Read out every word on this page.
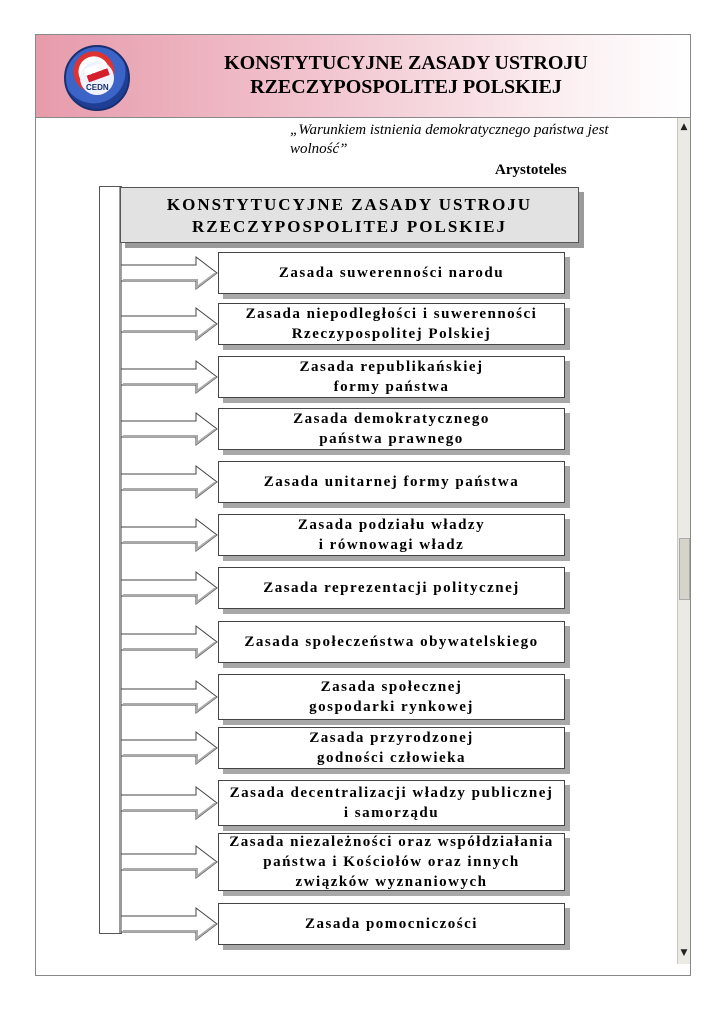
CEDN
KONSTYTUCYJNE ZASADY USTROJU
RZECZYPOSPOLITEJ POLSKIEJ
▲
▼
„Warunkiem istnienia demokratycznego państwa jest wolność”
Arystoteles
KONSTYTUCYJNE ZASADY USTROJU
RZECZYPOSPOLITEJ POLSKIEJ
Zasada suwerenności narodu
Zasada niepodległości i suwerenności
Rzeczypospolitej Polskiej
Zasada republikańskiej
formy państwa
Zasada demokratycznego
państwa prawnego
Zasada unitarnej formy państwa
Zasada podziału władzy
i równowagi władz
Zasada reprezentacji politycznej
Zasada społeczeństwa obywatelskiego
Zasada społecznej
gospodarki rynkowej
Zasada przyrodzonej
godności człowieka
Zasada decentralizacji władzy publicznej
i samorządu
Zasada niezależności oraz współdziałania
państwa i Kościołów oraz innych
związków wyznaniowych
Zasada pomocniczości
